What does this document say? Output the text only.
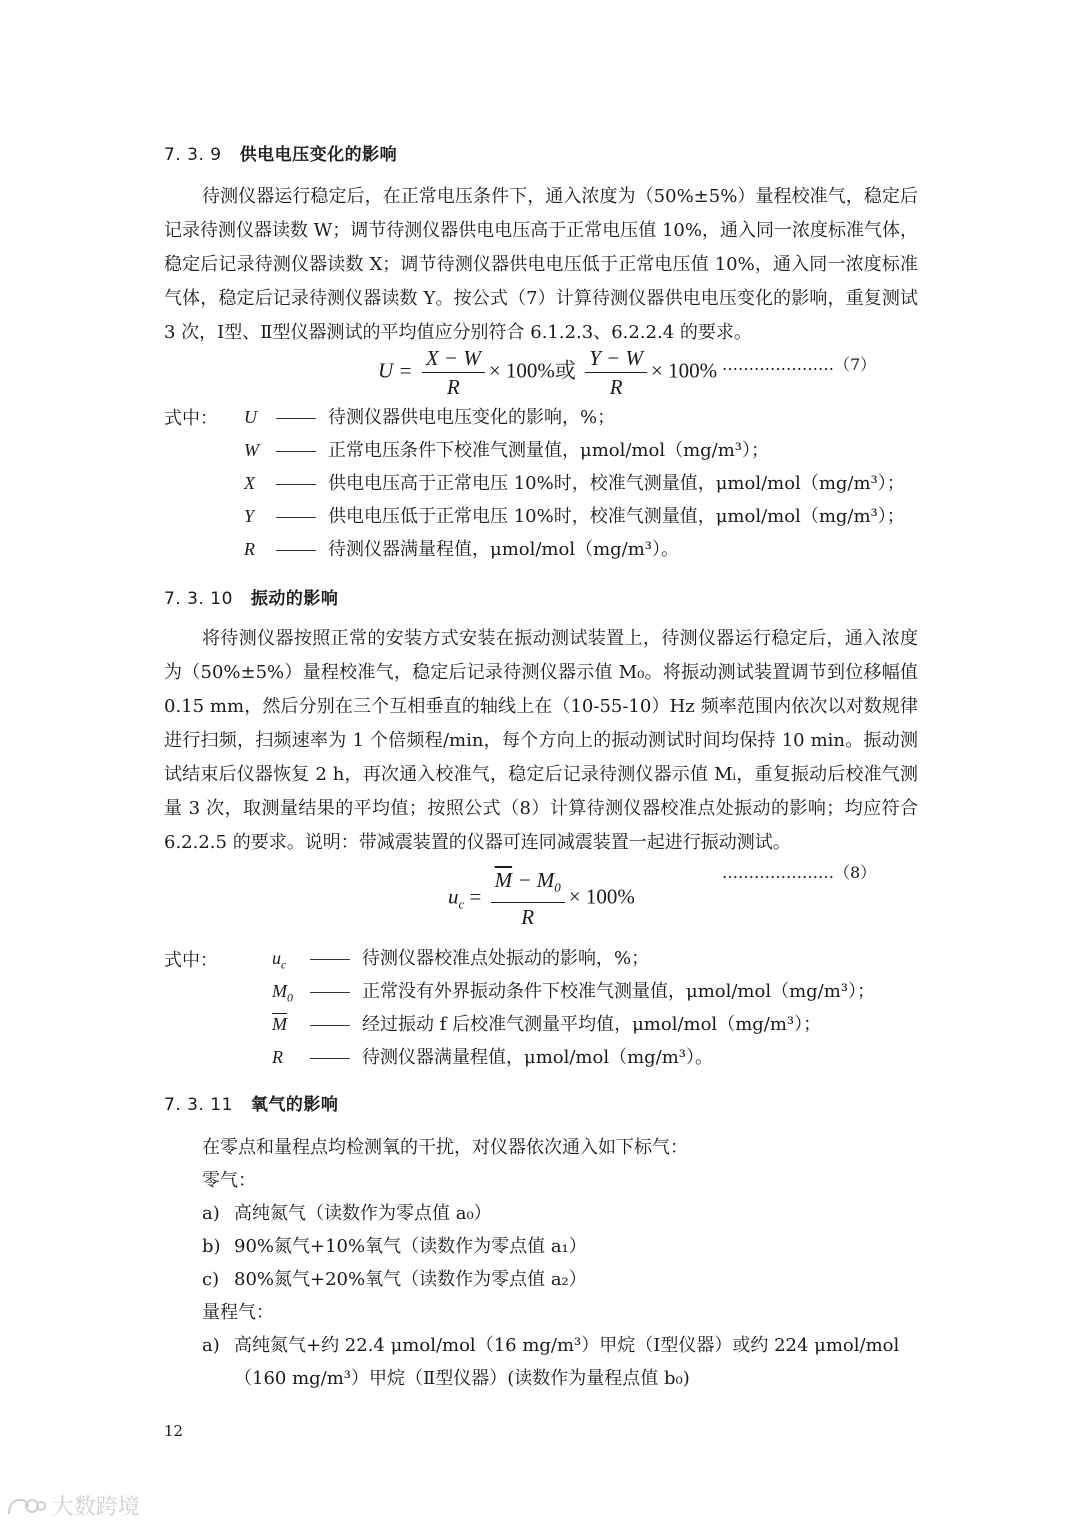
7. 3. 9 供电电压变化的影响
待测仪器运行稳定后，在正常电压条件下，通入浓度为（50%±5%）量程校准气，稳定后记录待测仪器读数 W；调节待测仪器供电电压高于正常电压值 10%，通入同一浓度标准气体，稳定后记录待测仪器读数 X；调节待测仪器供电电压低于正常电压值 10%，通入同一浓度标准气体，稳定后记录待测仪器读数 Y。按公式（7）计算待测仪器供电电压变化的影响，重复测试 3 次，Ⅰ型、Ⅱ型仪器测试的平均值应分别符合 6.1.2.3、6.2.2.4 的要求。
$U = \frac{X - W}{R} \times 100\%$或 $\frac{Y - W}{R} \times 100\%$ …………………（7）
式中： U	待测仪器供电电压变化的影响，%；
W	正常电压条件下校准气测量值，μmol/mol（mg/m³）；
X	供电电压高于正常电压 10%时，校准气测量值，μmol/mol（mg/m³）；
Y	供电电压低于正常电压 10%时，校准气测量值，μmol/mol（mg/m³）；
R	待测仪器满量程值，μmol/mol（mg/m³）。
7. 3. 10 振动的影响
将待测仪器按照正常的安装方式安装在振动测试装置上，待测仪器运行稳定后，通入浓度为（50%±5%）量程校准气，稳定后记录待测仪器示值 M₀。将振动测试装置调节到位移幅值 0.15 mm，然后分别在三个互相垂直的轴线上在（10-55-10）Hz 频率范围内依次以对数规律进行扫频，扫频速率为 1 个倍频程/min，每个方向上的振动测试时间均保持 10 min。振动测试结束后仪器恢复 2 h，再次通入校准气，稳定后记录待测仪器示值 Mᵢ，重复振动后校准气测量 3 次，取测量结果的平均值；按照公式（8）计算待测仪器校准点处振动的影响；均应符合 6.2.2.5 的要求。说明：带减震装置的仪器可连同减震装置一起进行振动测试。
…………………（8）
$u_c = \frac{\overline{M} - M_0}{R} \times 100\%$
式中：	$u_c$	待测仪器校准点处振动的影响，%；
$M_0$	正常没有外界振动条件下校准气测量值，μmol/mol（mg/m³）；
$\overline{M}$	经过振动 f 后校准气测量平均值，μmol/mol（mg/m³）；
R	待测仪器满量程值，μmol/mol（mg/m³）。
7. 3. 11 氧气的影响
在零点和量程点均检测氧的干扰，对仪器依次通入如下标气：
零气：
a) 高纯氮气（读数作为零点值 a₀）
b) 90%氮气+10%氧气（读数作为零点值 a₁）
c) 80%氮气+20%氧气（读数作为零点值 a₂）
量程气：
a) 高纯氮气+约 22.4 μmol/mol（16 mg/m³）甲烷（Ⅰ型仪器）或约 224 μmol/mol
（160 mg/m³）甲烷（Ⅱ型仪器）(读数作为量程点值 b₀)
12
大数跨境
